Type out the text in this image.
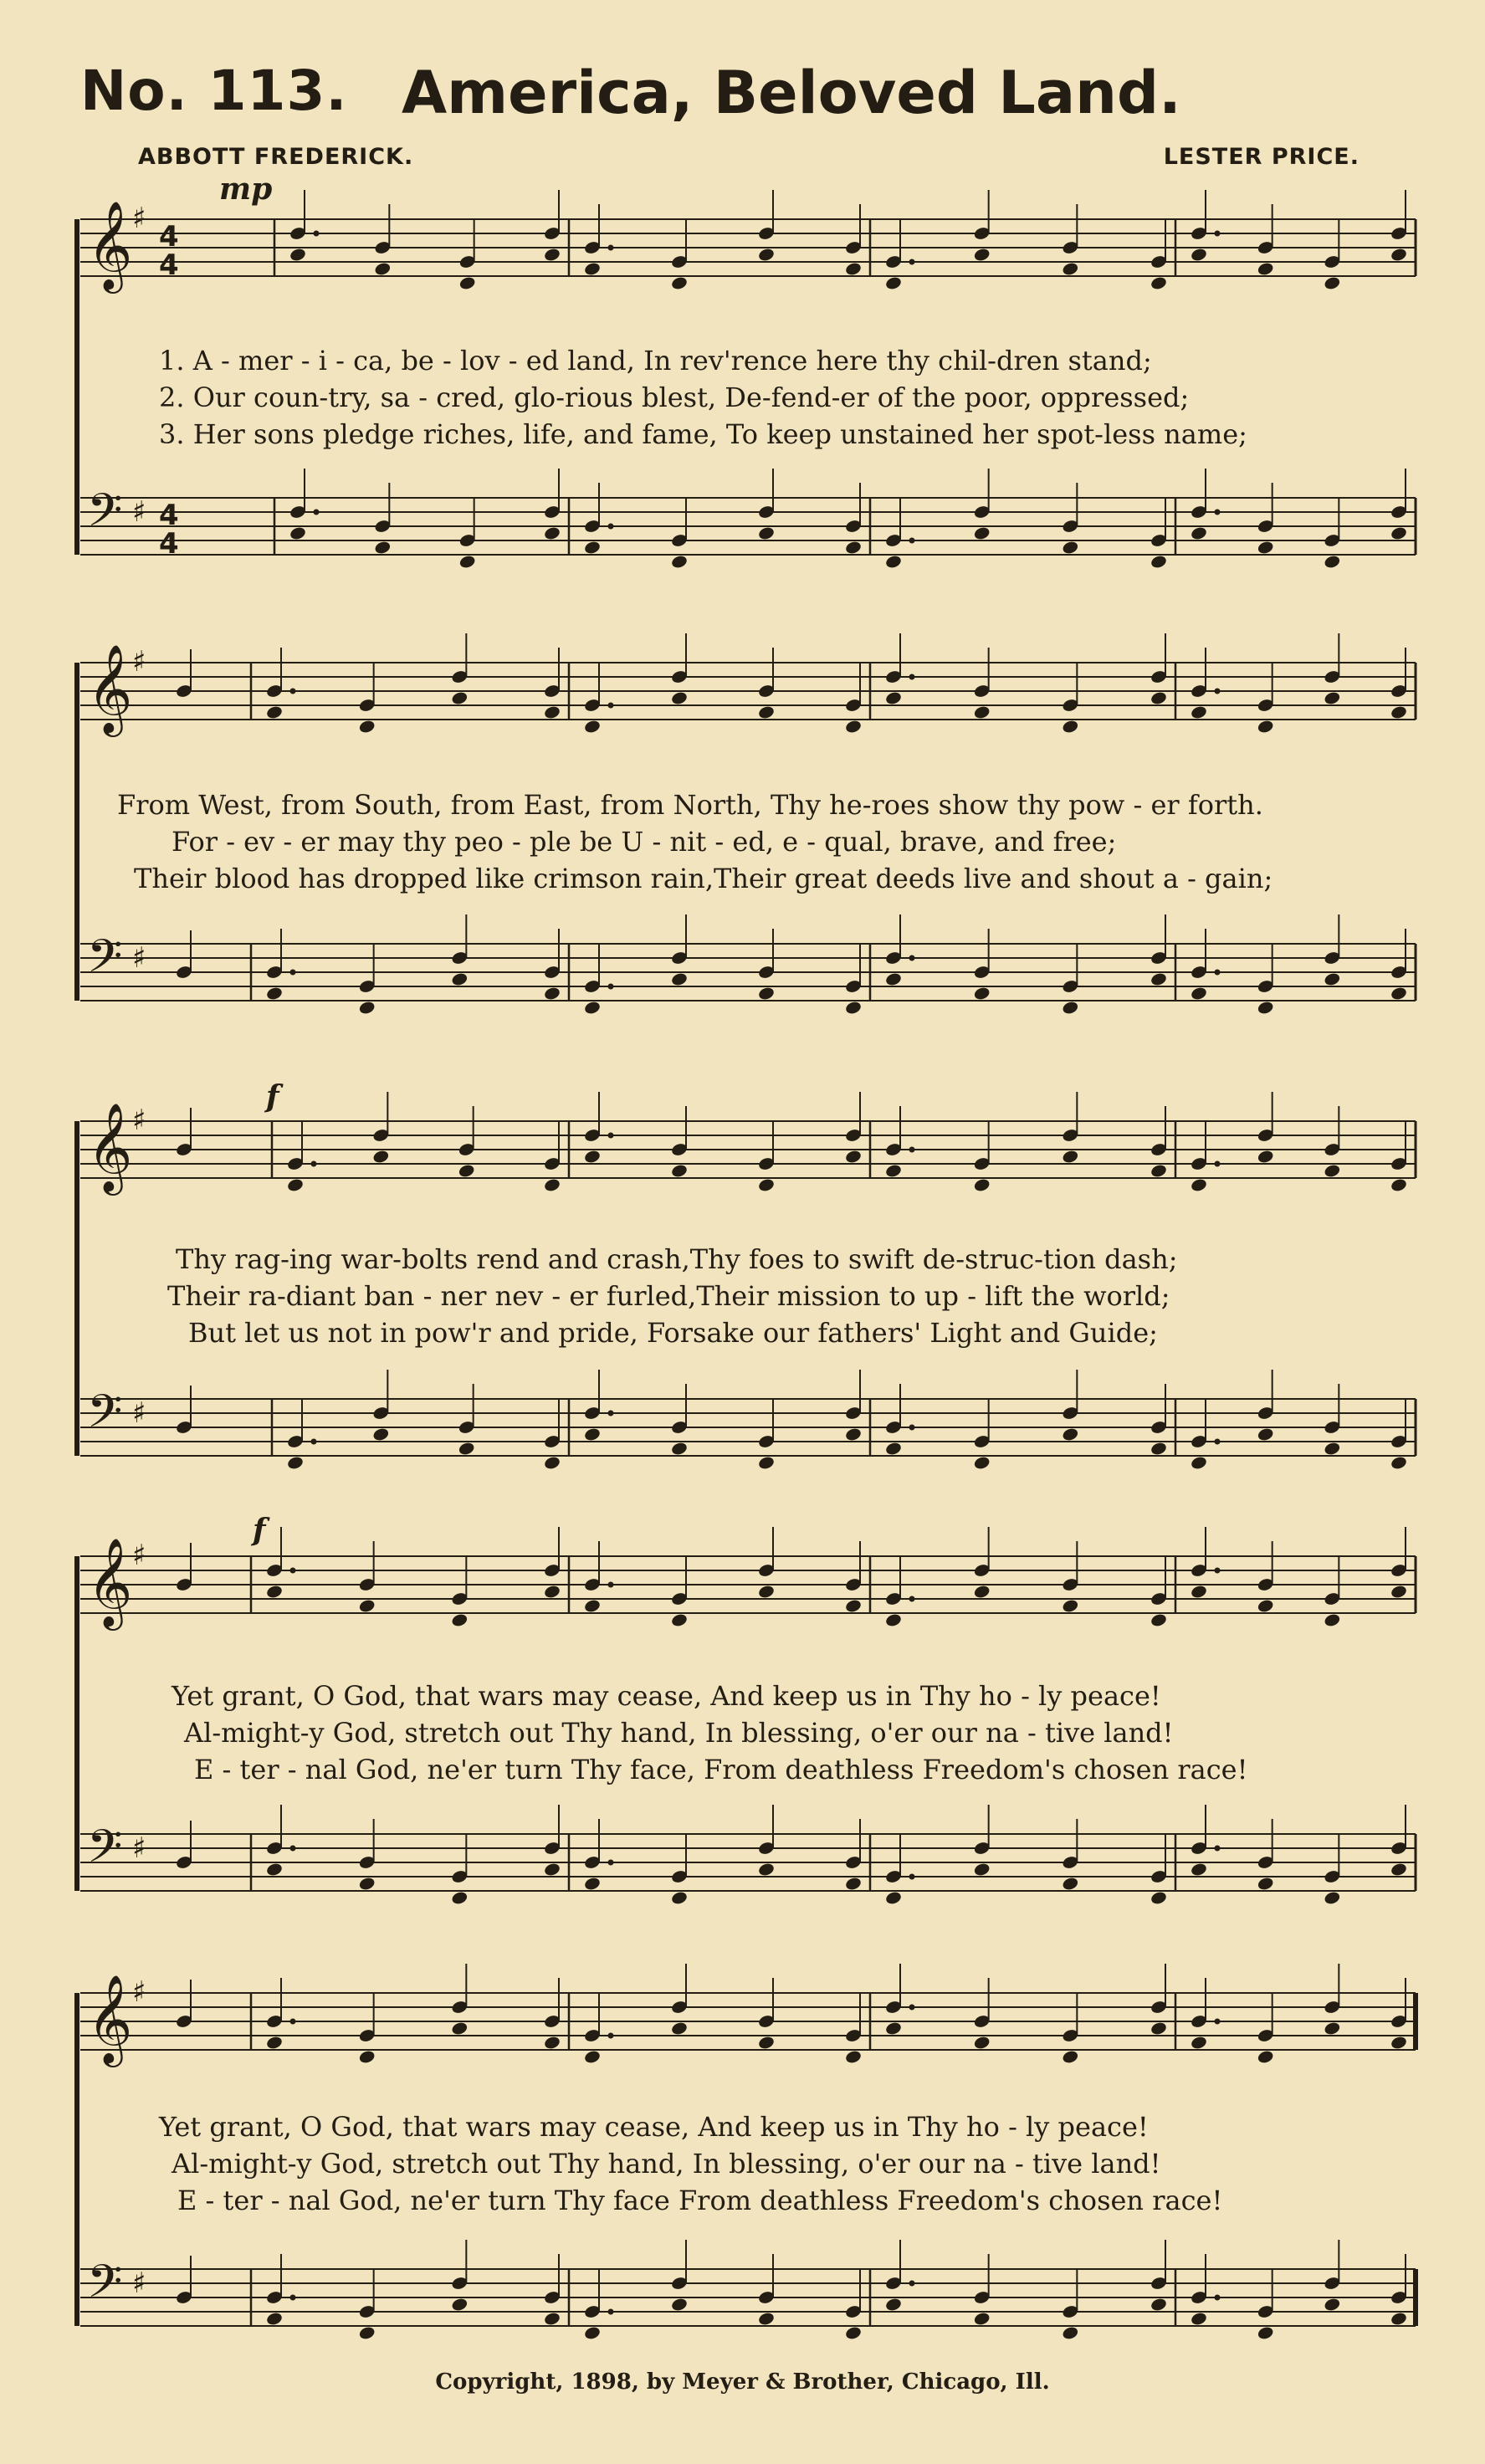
No. 113. America, Beloved Land.
ABBOTT FREDERICK.	LESTER PRICE.
𝄞 ♯
4
4
𝄢 ♯ 4
4
𝄞 ♯
𝄢 ♯
𝄞 ♯
𝄢 ♯
𝄞 ♯
𝄢 ♯
𝄞 ♯
𝄢 ♯
mp
f
f
1. A - mer - i - ca, be - lov - ed land, In rev'rence here thy chil-dren stand;
2. Our coun-try, sa - cred, glo-rious blest, De-fend-er of the poor, oppressed;
3. Her sons pledge riches, life, and fame, To keep unstained her spot-less name;
From West, from South, from East, from North, Thy he-roes show thy pow - er forth.
For - ev - er may thy peo - ple be U - nit - ed, e - qual, brave, and free;
Their blood has dropped like crimson rain,Their great deeds live and shout a - gain;
Thy rag-ing war-bolts rend and crash,Thy foes to swift de-struc-tion dash;
Their ra-diant ban - ner nev - er furled,Their mission to up - lift the world;
But let us not in pow'r and pride, Forsake our fathers' Light and Guide;
Yet grant, O God, that wars may cease, And keep us in Thy ho - ly peace!
Al-might-y God, stretch out Thy hand, In blessing, o'er our na - tive land!
E - ter - nal God, ne'er turn Thy face, From deathless Freedom's chosen race!
Yet grant, O God, that wars may cease, And keep us in Thy ho - ly peace!
Al-might-y God, stretch out Thy hand, In blessing, o'er our na - tive land!
E - ter - nal God, ne'er turn Thy face From deathless Freedom's chosen race!
Copyright, 1898, by Meyer & Brother, Chicago, Ill.
